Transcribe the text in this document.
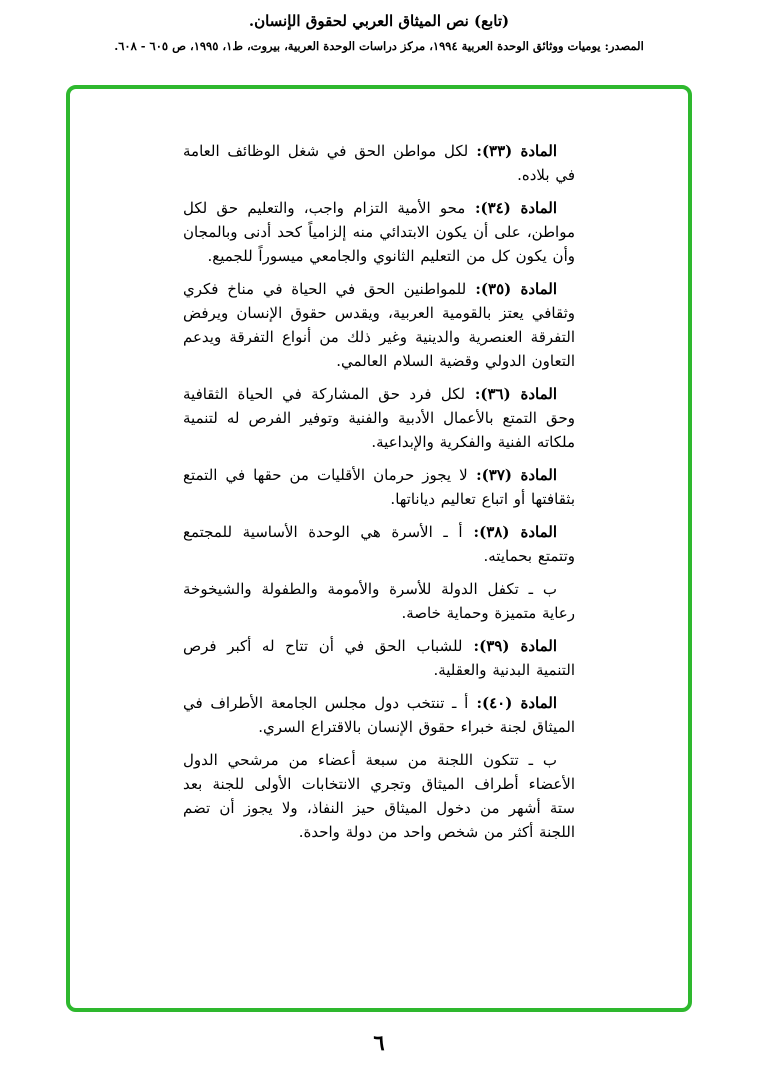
(تابع) نص الميثاق العربي لحقوق الإنسان.
المصدر: يوميات ووثائق الوحدة العربية ١٩٩٤، مركز دراسات الوحدة العربية، بيروت، ط١، ١٩٩٥، ص ٦٠٥ - ٦٠٨.

المادة (٣٣): لكل مواطن الحق في شغل الوظائف العامة في بلاده.

المادة (٣٤): محو الأمية التزام واجب، والتعليم حق لكل مواطن، على أن يكون الابتدائي منه إلزامياً كحد أدنى وبالمجان وأن يكون كل من التعليم الثانوي والجامعي ميسوراً للجميع.

المادة (٣٥): للمواطنين الحق في الحياة في مناخ فكري وثقافي يعتز بالقومية العربية، ويقدس حقوق الإنسان ويرفض التفرقة العنصرية والدينية وغير ذلك من أنواع التفرقة ويدعم التعاون الدولي وقضية السلام العالمي.

المادة (٣٦): لكل فرد حق المشاركة في الحياة الثقافية وحق التمتع بالأعمال الأدبية والفنية وتوفير الفرص له لتنمية ملكاته الفنية والفكرية والإبداعية.

المادة (٣٧): لا يجوز حرمان الأقليات من حقها في التمتع بثقافتها أو اتباع تعاليم دياناتها.

المادة (٣٨): أ ـ الأسرة هي الوحدة الأساسية للمجتمع وتتمتع بحمايته.

ب ـ تكفل الدولة للأسرة والأمومة والطفولة والشيخوخة رعاية متميزة وحماية خاصة.

المادة (٣٩): للشباب الحق في أن تتاح له أكبر فرص التنمية البدنية والعقلية.

المادة (٤٠): أ ـ تنتخب دول مجلس الجامعة الأطراف في الميثاق لجنة خبراء حقوق الإنسان بالاقتراع السري.

ب ـ تتكون اللجنة من سبعة أعضاء من مرشحي الدول الأعضاء أطراف الميثاق وتجري الانتخابات الأولى للجنة بعد ستة أشهر من دخول الميثاق حيز النفاذ، ولا يجوز أن تضم اللجنة أكثر من شخص واحد من دولة واحدة.

٦
